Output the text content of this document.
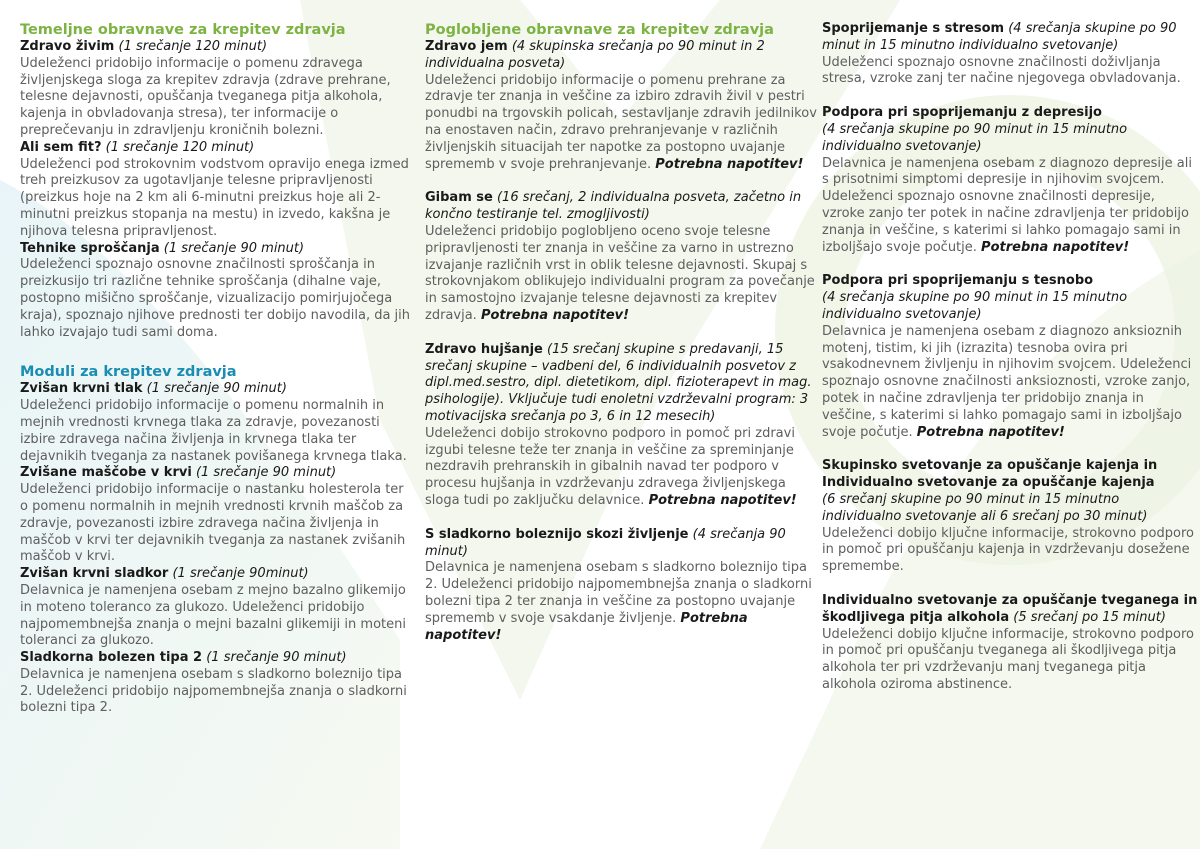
Temeljne obravnave za krepitev zdravja
Zdravo živim (1 srečanje 120 minut)
Udeleženci pridobijo informacije o pomenu zdravega življenjskega sloga za krepitev zdravja (zdrave prehrane, telesne dejavnosti, opuščanja tveganega pitja alkohola, kajenja in obvladovanja stresa), ter informacije o preprečevanju in zdravljenju kroničnih bolezni.
Ali sem fit? (1 srečanje 120 minut)
Udeleženci pod strokovnim vodstvom opravijo enega izmed treh preizkusov za ugotavljanje telesne pripravljenosti (preizkus hoje na 2 km ali 6-minutni preizkus hoje ali 2-minutni preizkus stopanja na mestu) in izvedo, kakšna je njihova telesna pripravljenost.
Tehnike sproščanja (1 srečanje 90 minut)
Udeleženci spoznajo osnovne značilnosti sproščanja in preizkusijo tri različne tehnike sproščanja (dihalne vaje, postopno mišično sproščanje, vizualizacijo pomirjujočega kraja), spoznajo njihove prednosti ter dobijo navodila, da jih lahko izvajajo tudi sami doma.
Moduli za krepitev zdravja
Zvišan krvni tlak (1 srečanje 90 minut)
Udeleženci pridobijo informacije o pomenu normalnih in mejnih vrednosti krvnega tlaka za zdravje, povezanosti izbire zdravega načina življenja in krvnega tlaka ter dejavnikih tveganja za nastanek povišanega krvnega tlaka.
Zvišane maščobe v krvi (1 srečanje 90 minut)
Udeleženci pridobijo informacije o nastanku holesterola ter o pomenu normalnih in mejnih vrednosti krvnih maščob za zdravje, povezanosti izbire zdravega načina življenja in maščob v krvi ter dejavnikih tveganja za nastanek zvišanih maščob v krvi.
Zvišan krvni sladkor (1 srečanje 90minut)
Delavnica je namenjena osebam z mejno bazalno glikemijo in moteno toleranco za glukozo. Udeleženci pridobijo najpomembnejša znanja o mejni bazalni glikemiji in moteni toleranci za glukozo.
Sladkorna bolezen tipa 2 (1 srečanje 90 minut)
Delavnica je namenjena osebam s sladkorno boleznijo tipa 2. Udeleženci pridobijo najpomembnejša znanja o sladkorni bolezni tipa 2.
Poglobljene obravnave za krepitev zdravja
Zdravo jem (4 skupinska srečanja po 90 minut in 2 individualna posveta)
Udeleženci pridobijo informacije o pomenu prehrane za zdravje ter znanja in veščine za izbiro zdravih živil v pestri ponudbi na trgovskih policah, sestavljanje zdravih jedilnikov na enostaven način, zdravo prehranjevanje v različnih življenjskih situacijah ter napotke za postopno uvajanje sprememb v svoje prehranjevanje. Potrebna napotitev!
Gibam se (16 srečanj, 2 individualna posveta, začetno in končno testiranje tel. zmogljivosti)
Udeleženci pridobijo poglobljeno oceno svoje telesne pripravljenosti ter znanja in veščine za varno in ustrezno izvajanje različnih vrst in oblik telesne dejavnosti. Skupaj s strokovnjakom oblikujejo individualni program za povečanje in samostojno izvajanje telesne dejavnosti za krepitev zdravja. Potrebna napotitev!
Zdravo hujšanje (15 srečanj skupine s predavanji, 15 srečanj skupine – vadbeni del, 6 individualnih posvetov z dipl.med.sestro, dipl. dietetikom, dipl. fizioterapevt in mag. psihologije). Vključuje tudi enoletni vzdrževalni program: 3 motivacijska srečanja po 3, 6 in 12 mesecih)
Udeleženci dobijo strokovno podporo in pomoč pri zdravi izgubi telesne teže ter znanja in veščine za spreminjanje nezdravih prehranskih in gibalnih navad ter podporo v procesu hujšanja in vzdrževanju zdravega življenjskega sloga tudi po zaključku delavnice. Potrebna napotitev!
S sladkorno boleznijo skozi življenje (4 srečanja 90 minut)
Delavnica je namenjena osebam s sladkorno boleznijo tipa 2. Udeleženci pridobijo najpomembnejša znanja o sladkorni bolezni tipa 2 ter znanja in veščine za postopno uvajanje sprememb v svoje vsakdanje življenje. Potrebna napotitev!
Spoprijemanje s stresom (4 srečanja skupine po 90 minut in 15 minutno individualno svetovanje)
Udeleženci spoznajo osnovne značilnosti doživljanja stresa, vzroke zanj ter načine njegovega obvladovanja.
Podpora pri spoprijemanju z depresijo
(4 srečanja skupine po 90 minut in 15 minutno individualno svetovanje)
Delavnica je namenjena osebam z diagnozo depresije ali s prisotnimi simptomi depresije in njihovim svojcem. Udeleženci spoznajo osnovne značilnosti depresije, vzroke zanjo ter potek in načine zdravljenja ter pridobijo znanja in veščine, s katerimi si lahko pomagajo sami in izboljšajo svoje počutje. Potrebna napotitev!
Podpora pri spoprijemanju s tesnobo
(4 srečanja skupine po 90 minut in 15 minutno individualno svetovanje)
Delavnica je namenjena osebam z diagnozo anksioznih motenj, tistim, ki jih (izrazita) tesnoba ovira pri vsakodnevnem življenju in njihovim svojcem. Udeleženci spoznajo osnovne značilnosti anksioznosti, vzroke zanjo, potek in načine zdravljenja ter pridobijo znanja in veščine, s katerimi si lahko pomagajo sami in izboljšajo svoje počutje. Potrebna napotitev!
Skupinsko svetovanje za opuščanje kajenja in Individualno svetovanje za opuščanje kajenja
(6 srečanj skupine po 90 minut in 15 minutno individualno svetovanje ali 6 srečanj po 30 minut)
Udeleženci dobijo ključne informacije, strokovno podporo in pomoč pri opuščanju kajenja in vzdrževanju dosežene spremembe.
Individualno svetovanje za opuščanje tveganega in škodljivega pitja alkohola (5 srečanj po 15 minut)
Udeleženci dobijo ključne informacije, strokovno podporo in pomoč pri opuščanju tveganega ali škodljivega pitja alkohola ter pri vzdrževanju manj tveganega pitja alkohola oziroma abstinence.
